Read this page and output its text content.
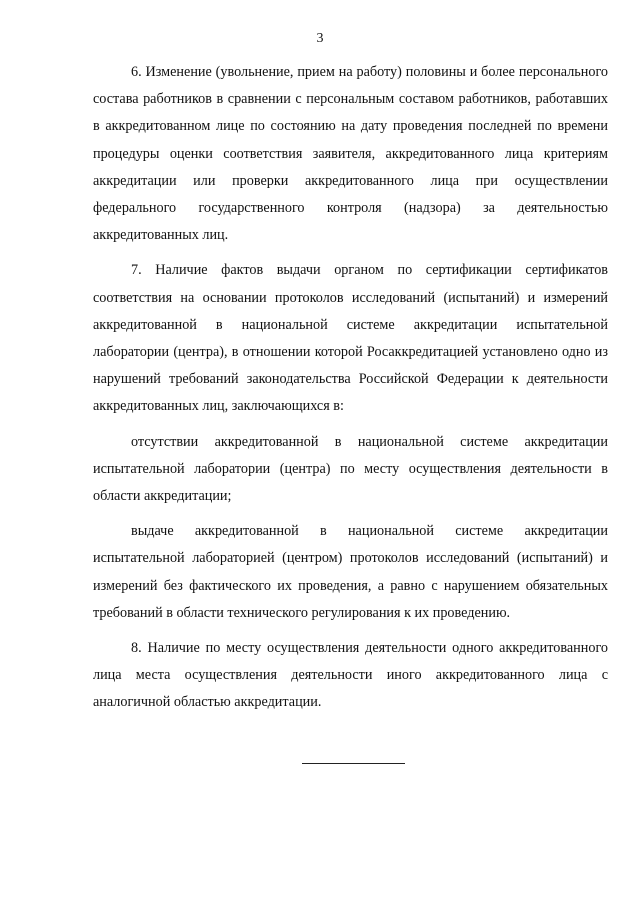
3

6. Изменение (увольнение, прием на работу) половины и более персонального состава работников в сравнении с персональным составом работников, работавших в аккредитованном лице по состоянию на дату проведения последней по времени процедуры оценки соответствия заявителя, аккредитованного лица критериям аккредитации или проверки аккредитованного лица при осуществлении федерального государственного контроля (надзора) за деятельностью аккредитованных лиц.

7. Наличие фактов выдачи органом по сертификации сертификатов соответствия на основании протоколов исследований (испытаний) и измерений аккредитованной в национальной системе аккредитации испытательной лаборатории (центра), в отношении которой Росаккредитацией установлено одно из нарушений требований законодательства Российской Федерации к деятельности аккредитованных лиц, заключающихся в:

отсутствии аккредитованной в национальной системе аккредитации испытательной лаборатории (центра) по месту осуществления деятельности в области аккредитации;

выдаче аккредитованной в национальной системе аккредитации испытательной лабораторией (центром) протоколов исследований (испытаний) и измерений без фактического их проведения, а равно с нарушением обязательных требований в области технического регулирования к их проведению.

8. Наличие по месту осуществления деятельности одного аккредитованного лица места осуществления деятельности иного аккредитованного лица с аналогичной областью аккредитации.
